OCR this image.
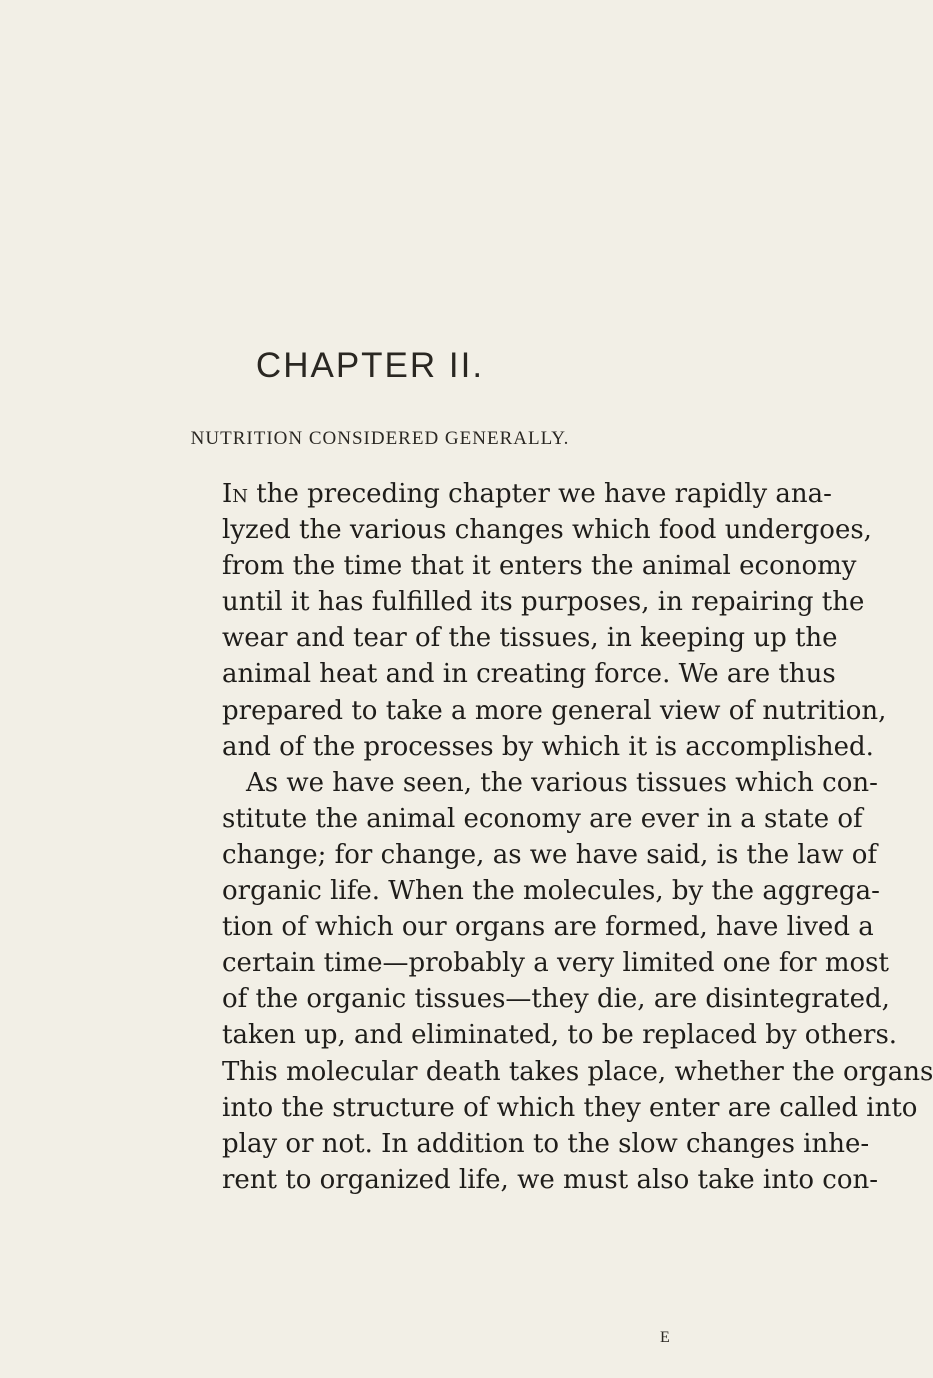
CHAPTER II.
NUTRITION CONSIDERED GENERALLY.
In the preceding chapter we have rapidly ana-
lyzed the various changes which food undergoes,
from the time that it enters the animal economy
until it has fulfilled its purposes, in repairing the
wear and tear of the tissues, in keeping up the
animal heat and in creating force. We are thus
prepared to take a more general view of nutrition,
and of the processes by which it is accomplished.
As we have seen, the various tissues which con-
stitute the animal economy are ever in a state of
change; for change, as we have said, is the law of
organic life. When the molecules, by the aggrega-
tion of which our organs are formed, have lived a
certain time—probably a very limited one for most
of the organic tissues—they die, are disintegrated,
taken up, and eliminated, to be replaced by others.
This molecular death takes place, whether the organs
into the structure of which they enter are called into
play or not. In addition to the slow changes inhe-
rent to organized life, we must also take into con-
E
